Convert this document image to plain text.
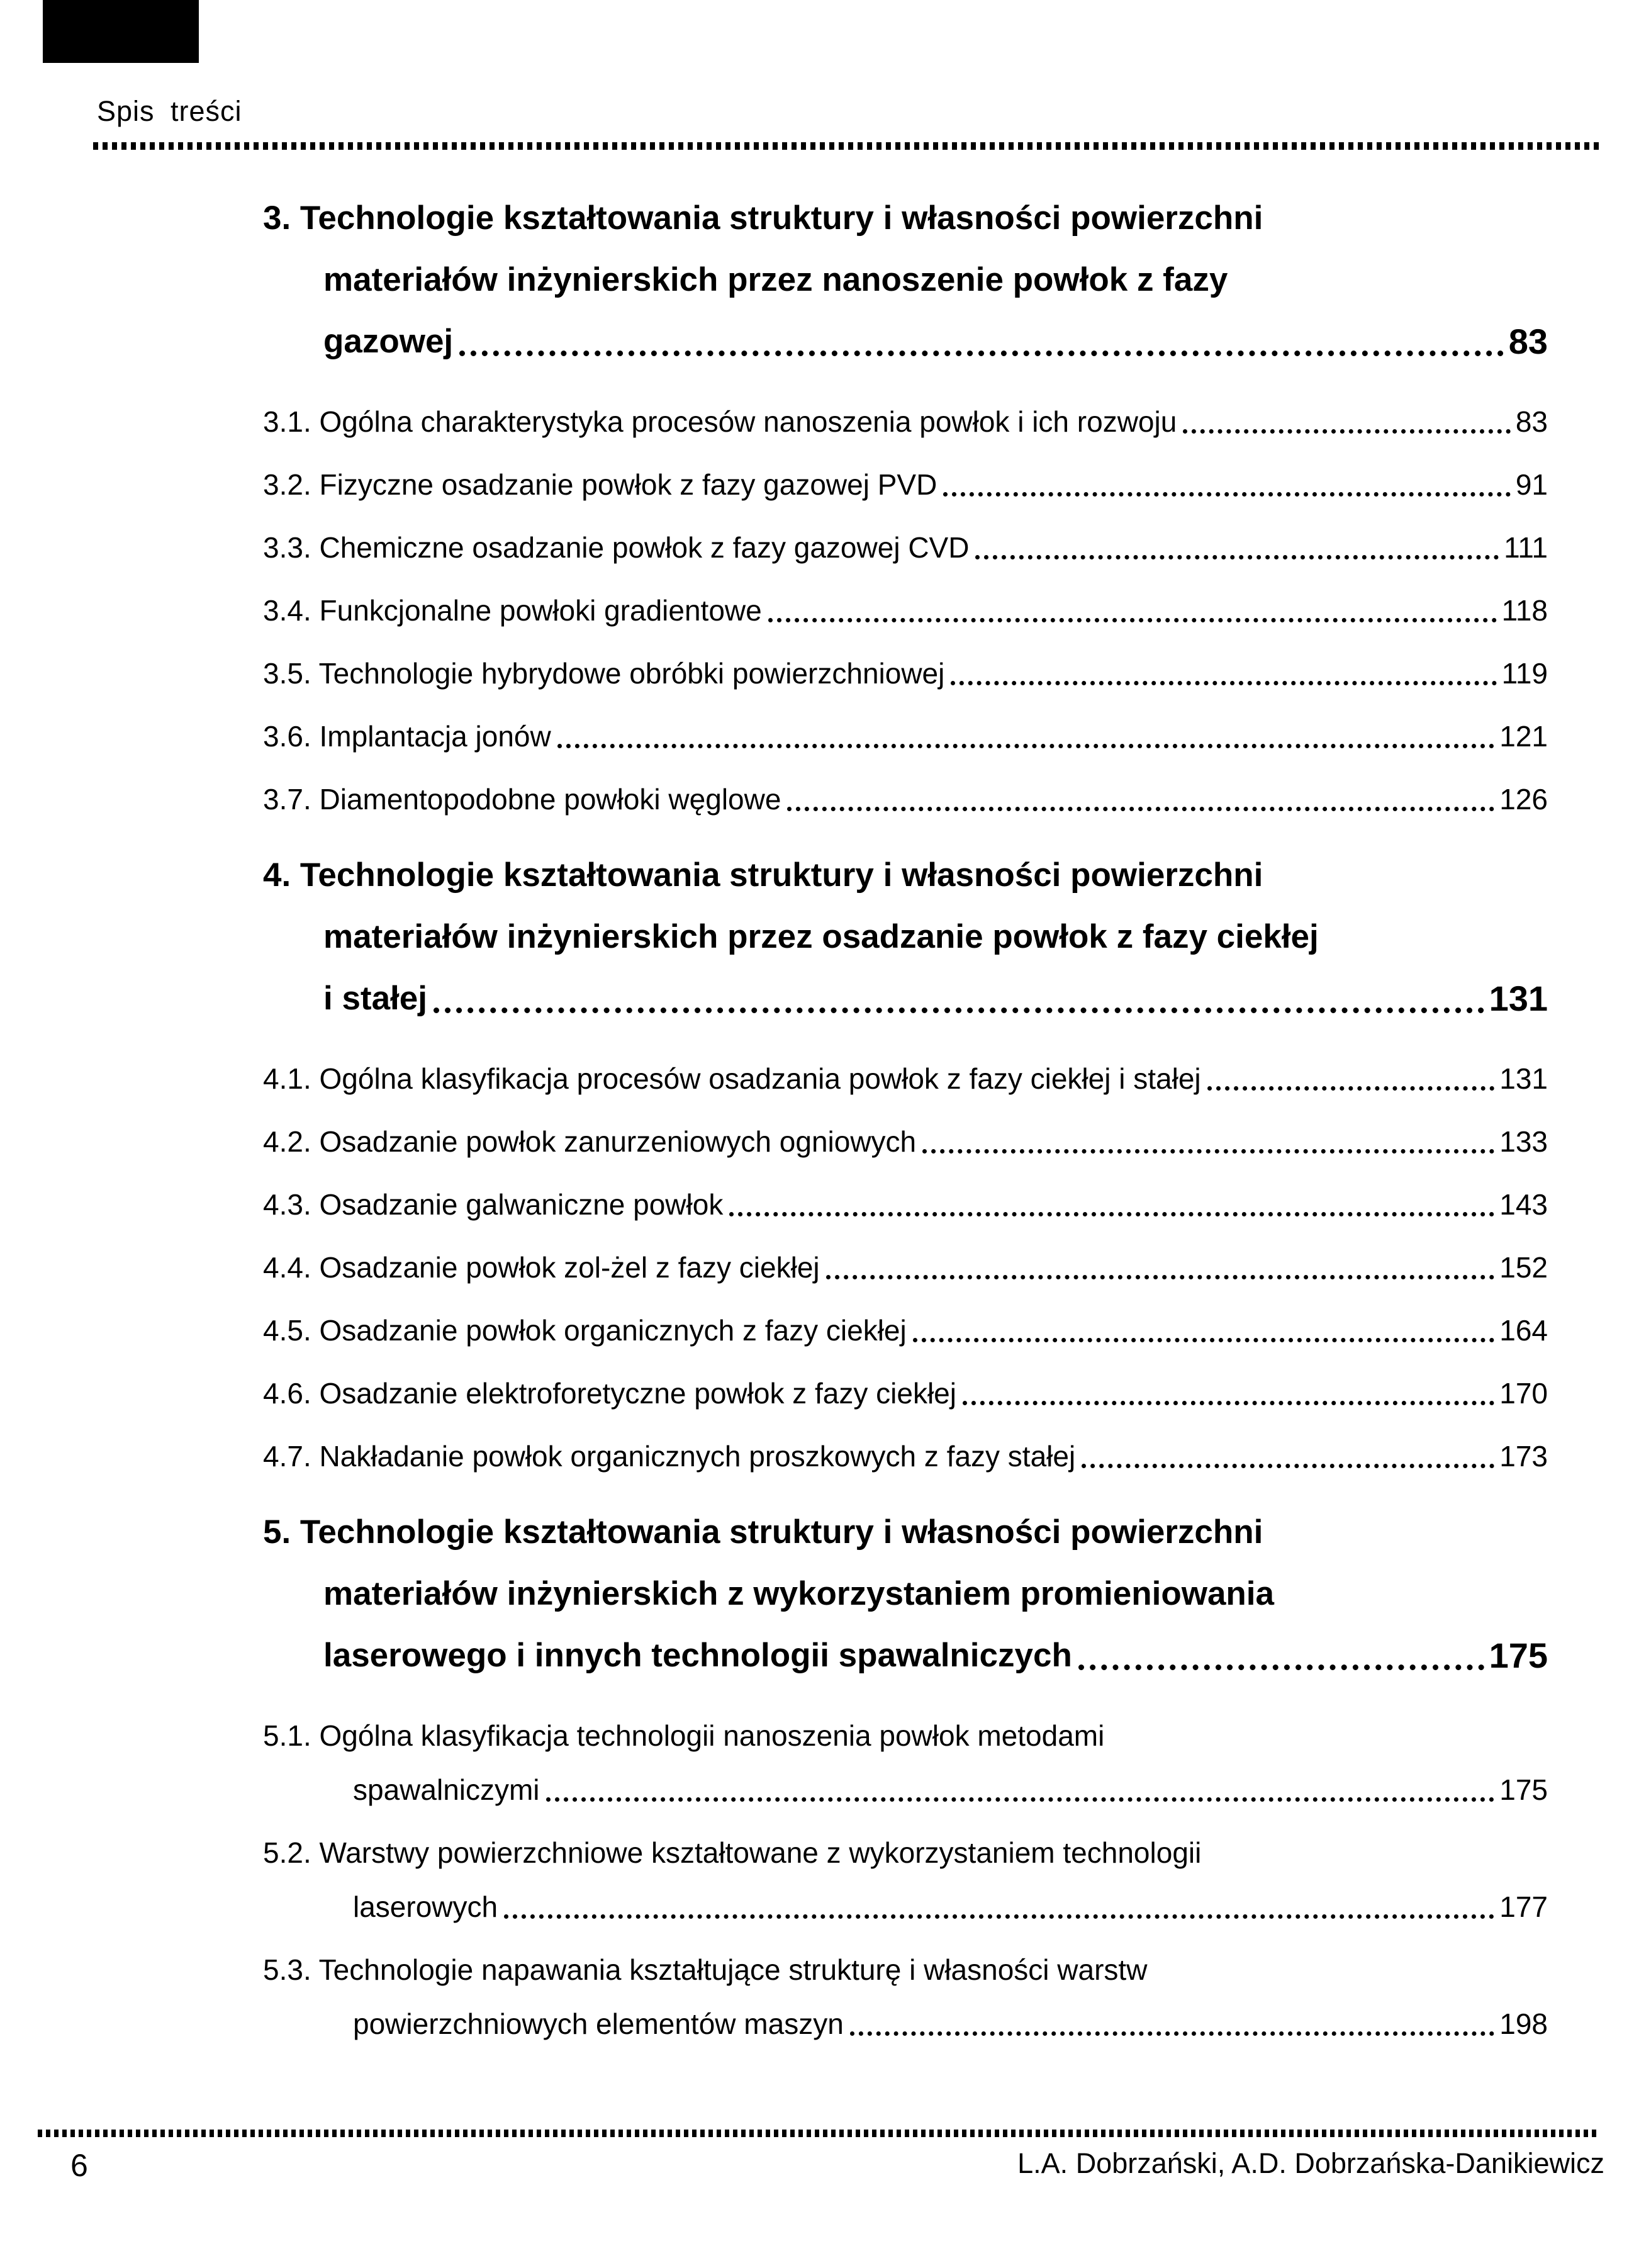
Spis treści
3. Technologie kształtowania struktury i własności powierzchni
materiałów inżynierskich przez nanoszenie powłok z fazy
gazowej	83
3.1. Ogólna charakterystyka procesów nanoszenia powłok i ich rozwoju	83
3.2. Fizyczne osadzanie powłok z fazy gazowej PVD	91
3.3. Chemiczne osadzanie powłok z fazy gazowej CVD	111
3.4. Funkcjonalne powłoki gradientowe	118
3.5. Technologie hybrydowe obróbki powierzchniowej	119
3.6. Implantacja jonów	121
3.7. Diamentopodobne powłoki węglowe	126
4. Technologie kształtowania struktury i własności powierzchni
materiałów inżynierskich przez osadzanie powłok z fazy ciekłej
i stałej	131
4.1. Ogólna klasyfikacja procesów osadzania powłok z fazy ciekłej i stałej	131
4.2. Osadzanie powłok zanurzeniowych ogniowych	133
4.3. Osadzanie galwaniczne powłok	143
4.4. Osadzanie powłok zol-żel z fazy ciekłej	152
4.5. Osadzanie powłok organicznych z fazy ciekłej	164
4.6. Osadzanie elektroforetyczne powłok z fazy ciekłej	170
4.7. Nakładanie powłok organicznych proszkowych z fazy stałej	173
5. Technologie kształtowania struktury i własności powierzchni
materiałów inżynierskich z wykorzystaniem promieniowania
laserowego i innych technologii spawalniczych	175
5.1. Ogólna klasyfikacja technologii nanoszenia powłok metodami
spawalniczymi	175
5.2. Warstwy powierzchniowe kształtowane z wykorzystaniem technologii
laserowych	177
5.3. Technologie napawania kształtujące strukturę i własności warstw
powierzchniowych elementów maszyn	198
6	L.A. Dobrzański, A.D. Dobrzańska-Danikiewicz
